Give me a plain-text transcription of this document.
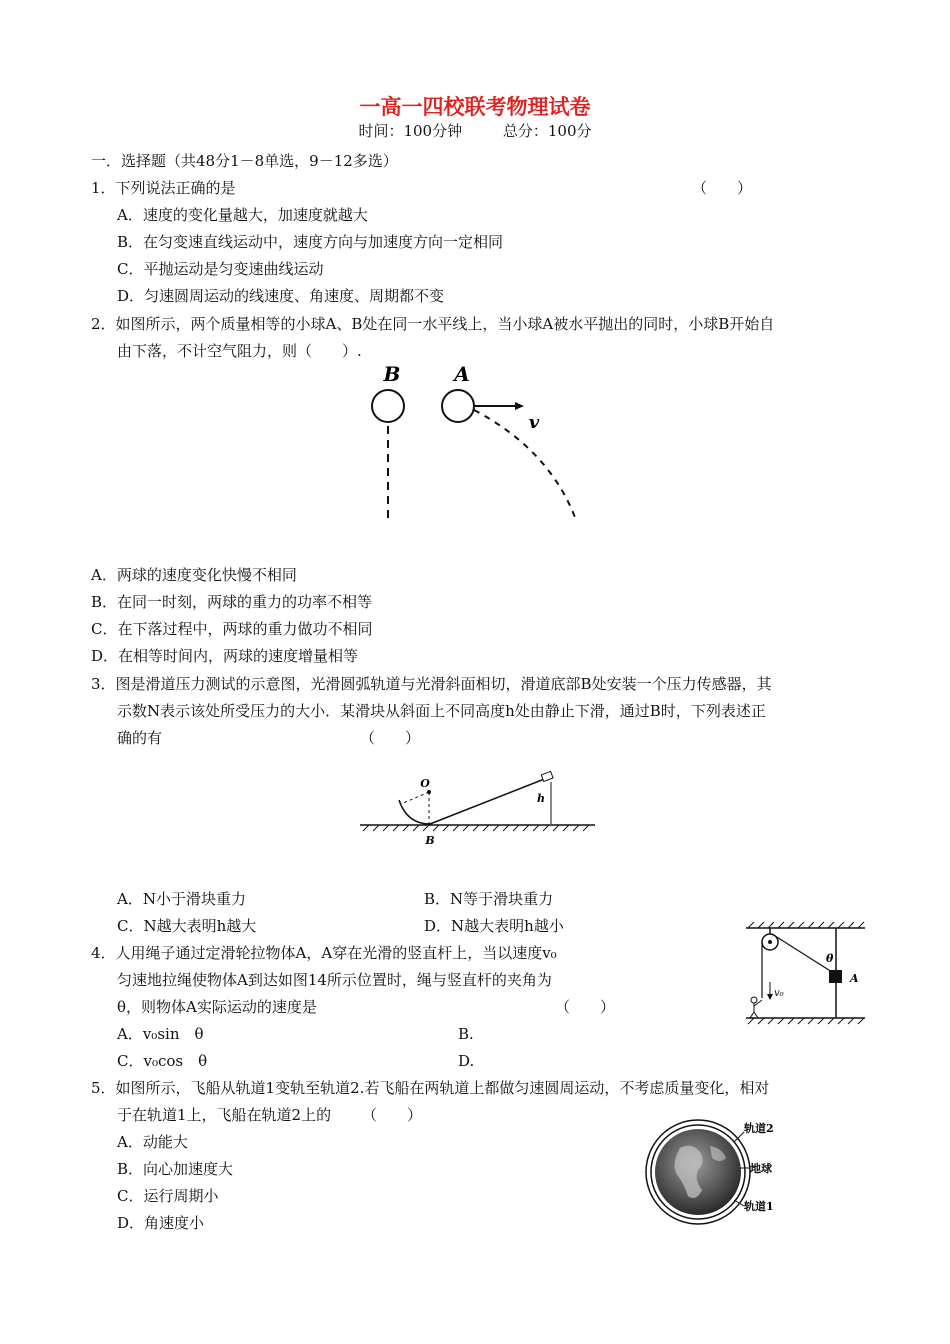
一高一四校联考物理试卷
时间：100分钟	总分：100分
一．选择题（共48分1－8单选，9－12多选）
1．下列说法正确的是	（　　）
A．速度的变化量越大，加速度就越大
B．在匀变速直线运动中，速度方向与加速度方向一定相同
C．平抛运动是匀变速曲线运动
D．匀速圆周运动的线速度、角速度、周期都不变
2．如图所示，两个质量相等的小球A、B处在同一水平线上，当小球A被水平抛出的同时，小球B开始自
由下落，不计空气阻力，则（　　）.
B	A
v
A．两球的速度变化快慢不相同
B．在同一时刻，两球的重力的功率不相等
C．在下落过程中，两球的重力做功不相同
D．在相等时间内，两球的速度增量相等
3．图是滑道压力测试的示意图，光滑圆弧轨道与光滑斜面相切，滑道底部B处安装一个压力传感器，其
示数N表示该处所受压力的大小．某滑块从斜面上不同高度h处由静止下滑，通过B时，下列表述正
确的有	（　　）
O
h
B
A．N小于滑块重力	B．N等于滑块重力
C．N越大表明h越大	D．N越大表明h越小
4．人用绳子通过定滑轮拉物体A，A穿在光滑的竖直杆上，当以速度v₀
匀速地拉绳使物体A到达如图14所示位置时，绳与竖直杆的夹角为
θ，则物体A实际运动的速度是	（　　）
A．v₀sin　θ	B.
C．v₀cos　θ	D.
A
θ
v₀
5．如图所示，飞船从轨道1变轨至轨道2.若飞船在两轨道上都做匀速圆周运动，不考虑质量变化，相对
于在轨道1上，飞船在轨道2上的 （　　）
A．动能大
B．向心加速度大
C．运行周期小
D．角速度小
轨道2
地球
轨道1
